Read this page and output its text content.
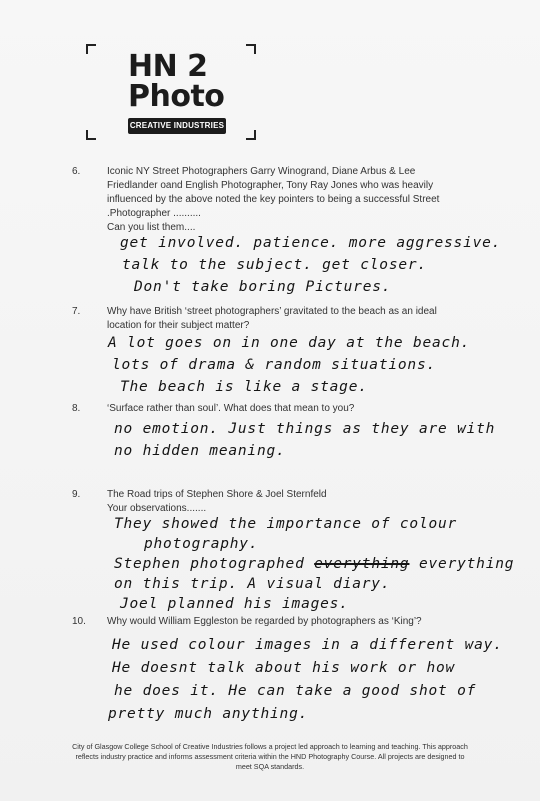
HN 2
Photo
CREATIVE INDUSTRIES
6.	Iconic NY Street Photographers Garry Winogrand, Diane Arbus & Lee
Friedlander oand English Photographer, Tony Ray Jones who was heavily
influenced by the above noted the key pointers to being a successful Street
.Photographer ..........
Can you list them....
get involved. patience. more aggressive.
talk to the subject. get closer.
Don't take boring Pictures.
7.	Why have British ‘street photographers’ gravitated to the beach as an ideal
location for their subject matter?
A lot goes on in one day at the beach.
lots of drama & random situations.
The beach is like a stage.
8.	‘Surface rather than soul’. What does that mean to you?
no emotion. Just things as they are with
no hidden meaning.
9.	The Road trips of Stephen Shore & Joel Sternfeld
Your observations.......
They showed the importance of colour
photography.
Stephen photographed everything everything
on this trip. A visual diary.
Joel planned his images.
10. Why would William Eggleston be regarded by photographers as ‘King’?
He used colour images in a different way.
He doesnt talk about his work or how
he does it. He can take a good shot of
pretty much anything.
City of Glasgow College School of Creative Industries follows a project led approach to learning and teaching. This approach
reflects industry practice and informs assessment criteria within the HND Photography Course. All projects are designed to
meet SQA standards.
